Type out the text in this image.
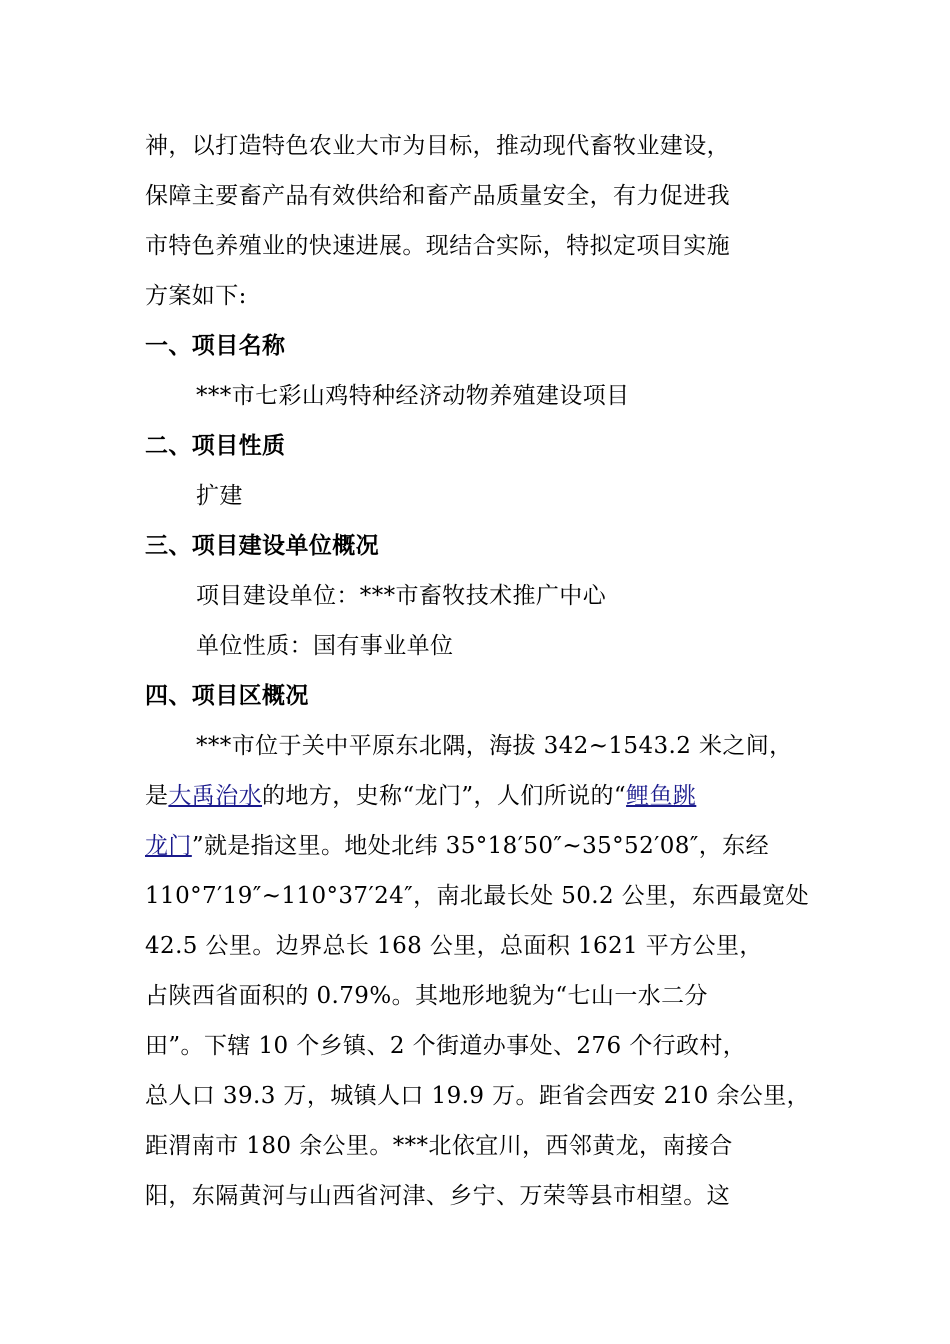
神，以打造特色农业大市为目标，推动现代畜牧业建设，
保障主要畜产品有效供给和畜产品质量安全，有力促进我
市特色养殖业的快速进展。现结合实际，特拟定项目实施
方案如下:
一、项目名称
***市七彩山鸡特种经济动物养殖建设项目
二、项目性质
扩建
三、项目建设单位概况
项目建设单位：***市畜牧技术推广中心
单位性质：国有事业单位
四、项目区概况
***市位于关中平原东北隅，海拔 342~1543.2 米之间，
是大禹治水的地方，史称“龙门”，人们所说的“鲤鱼跳
龙门”就是指这里。地处北纬 35°18′50″~35°52′08″，东经
110°7′19″~110°37′24″，南北最长处 50.2 公里，东西最宽处
42.5 公里。边界总长 168 公里，总面积 1621 平方公里，
占陕西省面积的 0.79%。其地形地貌为“七山一水二分
田”。下辖 10 个乡镇、2 个街道办事处、276 个行政村，
总人口 39.3 万，城镇人口 19.9 万。距省会西安 210 余公里，
距渭南市 180 余公里。***北依宜川，西邻黄龙，南接合
阳，东隔黄河与山西省河津、乡宁、万荣等县市相望。这
